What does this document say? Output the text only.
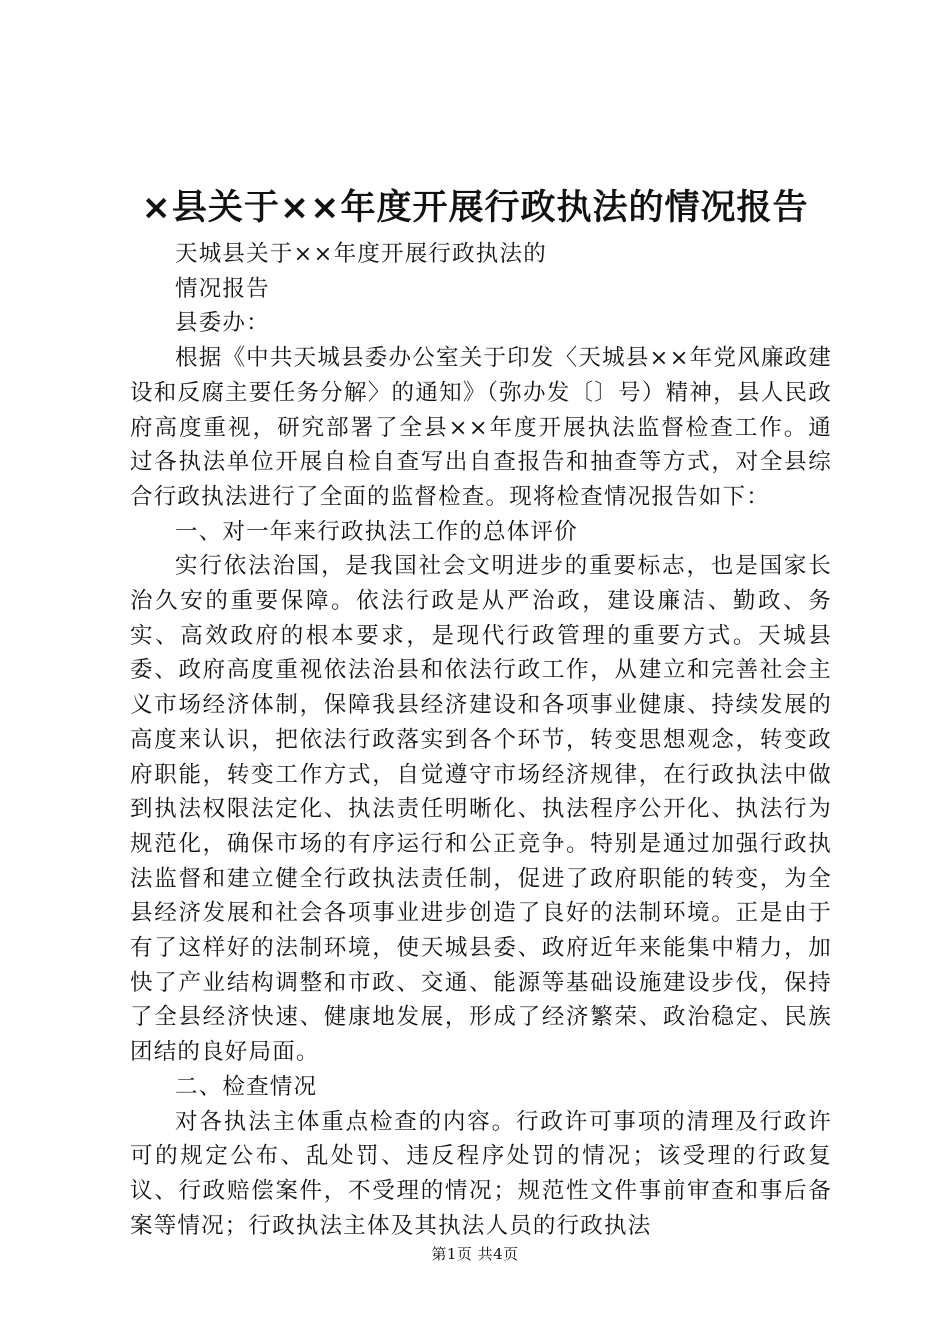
×县关于××年度开展行政执法的情况报告

天城县关于××年度开展行政执法的

情况报告

县委办：

根据《中共天城县委办公室关于印发〈天城县××年党风廉政建设和反腐主要任务分解〉的通知》（弥办发〔〕号）精神，县人民政府高度重视，研究部署了全县××年度开展执法监督检查工作。通过各执法单位开展自检自查写出自查报告和抽查等方式，对全县综合行政执法进行了全面的监督检查。现将检查情况报告如下：

一、对一年来行政执法工作的总体评价

实行依法治国，是我国社会文明进步的重要标志，也是国家长治久安的重要保障。依法行政是从严治政，建设廉洁、勤政、务实、高效政府的根本要求，是现代行政管理的重要方式。天城县委、政府高度重视依法治县和依法行政工作，从建立和完善社会主义市场经济体制，保障我县经济建设和各项事业健康、持续发展的高度来认识，把依法行政落实到各个环节，转变思想观念，转变政府职能，转变工作方式，自觉遵守市场经济规律，在行政执法中做到执法权限法定化、执法责任明晰化、执法程序公开化、执法行为规范化，确保市场的有序运行和公正竞争。特别是通过加强行政执法监督和建立健全行政执法责任制，促进了政府职能的转变，为全县经济发展和社会各项事业进步创造了良好的法制环境。正是由于有了这样好的法制环境，使天城县委、政府近年来能集中精力，加快了产业结构调整和市政、交通、能源等基础设施建设步伐，保持了全县经济快速、健康地发展，形成了经济繁荣、政治稳定、民族团结的良好局面。

二、检查情况

对各执法主体重点检查的内容。行政许可事项的清理及行政许可的规定公布、乱处罚、违反程序处罚的情况；该受理的行政复议、行政赔偿案件，不受理的情况；规范性文件事前审查和事后备案等情况；行政执法主体及其执法人员的行政执法

第1页 共4页
